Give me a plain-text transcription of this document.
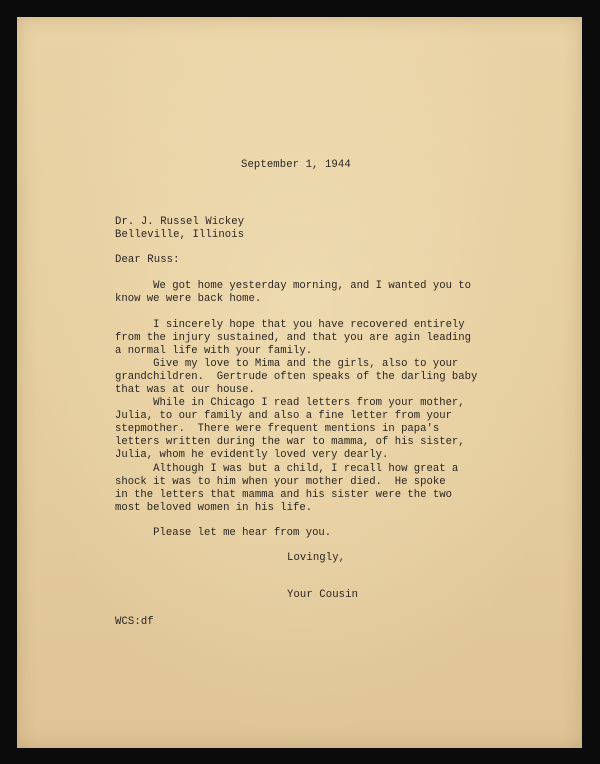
September 1, 1944
Dr. J. Russel Wickey
Belleville, Illinois
Dear Russ:
We got home yesterday morning, and I wanted you to
know we were back home.
I sincerely hope that you have recovered entirely
from the injury sustained, and that you are agin leading
a normal life with your family.
Give my love to Mima and the girls, also to your
grandchildren.  Gertrude often speaks of the darling baby
that was at our house.
While in Chicago I read letters from your mother,
Julia, to our family and also a fine letter from your
stepmother.  There were frequent mentions in papa's
letters written during the war to mamma, of his sister,
Julia, whom he evidently loved very dearly.
Although I was but a child, I recall how great a
shock it was to him when your mother died.  He spoke
in the letters that mamma and his sister were the two
most beloved women in his life.
Please let me hear from you.
Lovingly,
Your Cousin
WCS:df
